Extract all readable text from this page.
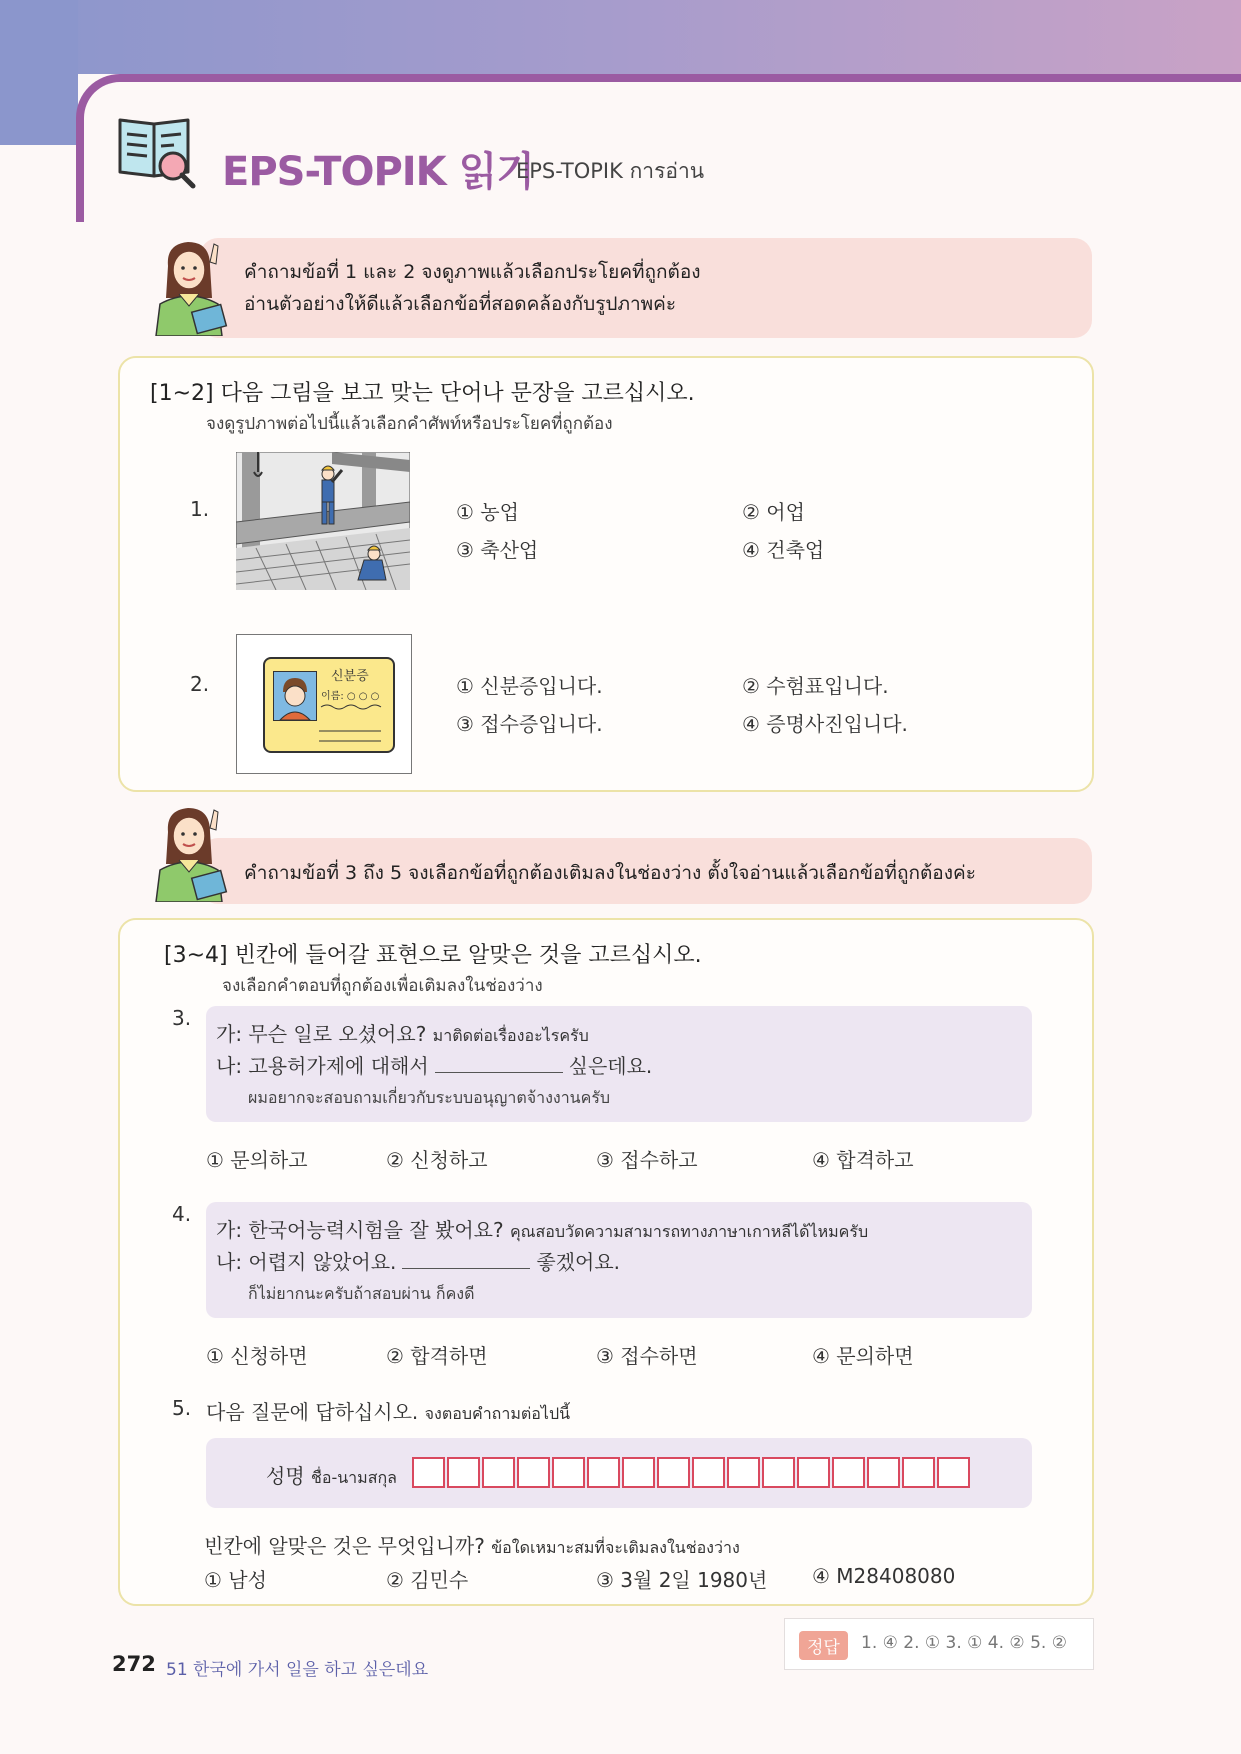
EPS-TOPIK 읽기
EPS-TOPIK การอ่าน
คำถามข้อที่ 1 และ 2 จงดูภาพแล้วเลือกประโยคที่ถูกต้อง
อ่านตัวอย่างให้ดีแล้วเลือกข้อที่สอดคล้องกับรูปภาพค่ะ
[1~2] 다음 그림을 보고 맞는 단어나 문장을 고르십시오.
จงดูรูปภาพต่อไปนี้แล้วเลือกคำศัพท์หรือประโยคที่ถูกต้อง
1.	① 농업	② 어업
③ 축산업	④ 건축업
2.	신분증
이름: ○ ○ ○	① 신분증입니다.	② 수험표입니다.
③ 접수증입니다.	④ 증명사진입니다.
คำถามข้อที่ 3 ถึง 5 จงเลือกข้อที่ถูกต้องเติมลงในช่องว่าง ตั้งใจอ่านแล้วเลือกข้อที่ถูกต้องค่ะ
[3~4] 빈칸에 들어갈 표현으로 알맞은 것을 고르십시오.
จงเลือกคำตอบที่ถูกต้องเพื่อเติมลงในช่องว่าง
3.
가: 무슨 일로 오셨어요? มาติดต่อเรื่องอะไรครับ
나: 고용허가제에 대해서	싶은데요.
ผมอยากจะสอบถามเกี่ยวกับระบบอนุญาตจ้างงานครับ
① 문의하고	② 신청하고	③ 접수하고	④ 합격하고
4.
가: 한국어능력시험을 잘 봤어요? คุณสอบวัดความสามารถทางภาษาเกาหลีได้ไหมครับ
나: 어렵지 않았어요.	좋겠어요.
ก็ไม่ยากนะครับถ้าสอบผ่าน ก็คงดี
① 신청하면	② 합격하면	③ 접수하면	④ 문의하면
5. 다음 질문에 답하십시오. จงตอบคำถามต่อไปนี้
성명 ชื่อ-นามสกุล
빈칸에 알맞은 것은 무엇입니까? ข้อใดเหมาะสมที่จะเติมลงในช่องว่าง
① 남성	② 김민수	③ 3월 2일 1980년 ④ M28408080
정답	1. ④ 2. ① 3. ① 4. ② 5. ②
272 51 한국에 가서 일을 하고 싶은데요
